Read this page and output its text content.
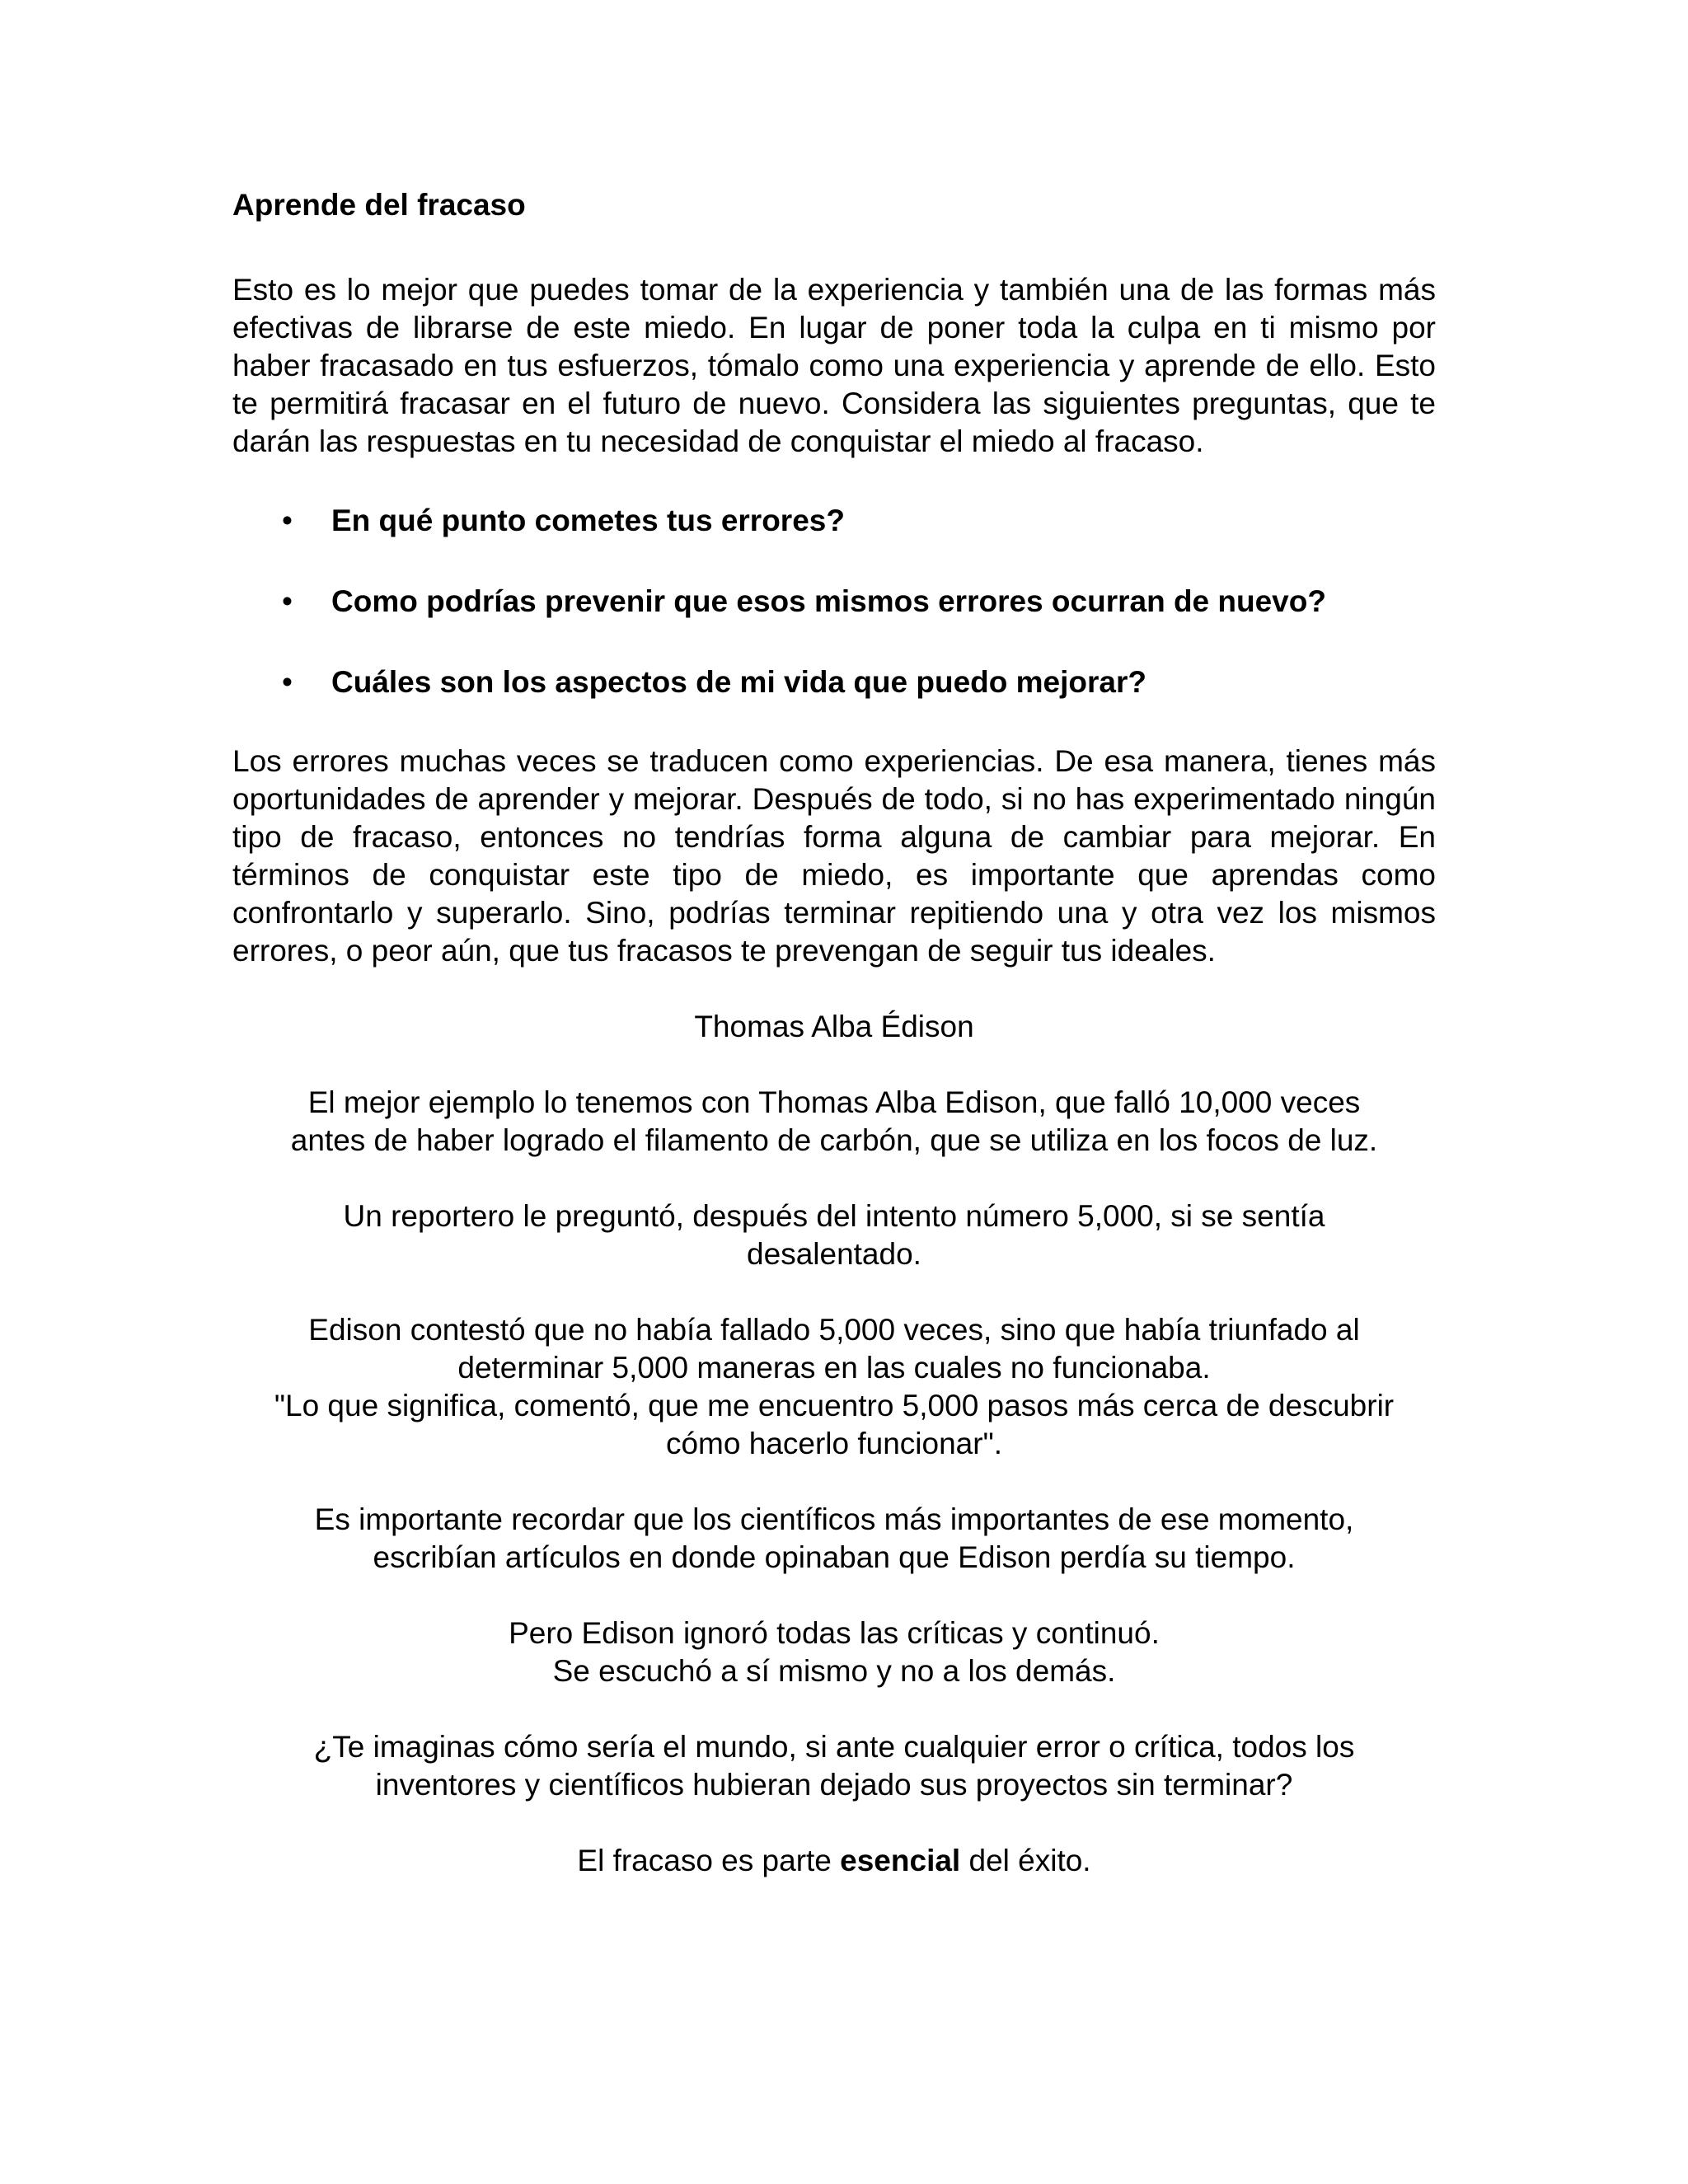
Aprende del fracaso

Esto es lo mejor que puedes tomar de la experiencia y también una de las formas más efectivas de librarse de este miedo. En lugar de poner toda la culpa en ti mismo por haber fracasado en tus esfuerzos, tómalo como una experiencia y aprende de ello. Esto te permitirá fracasar en el futuro de nuevo. Considera las siguientes preguntas, que te darán las respuestas en tu necesidad de conquistar el miedo al fracaso.

• En qué punto cometes tus errores?
• Como podrías prevenir que esos mismos errores ocurran de nuevo?
• Cuáles son los aspectos de mi vida que puedo mejorar?

Los errores muchas veces se traducen como experiencias. De esa manera, tienes más oportunidades de aprender y mejorar. Después de todo, si no has experimentado ningún tipo de fracaso, entonces no tendrías forma alguna de cambiar para mejorar. En términos de conquistar este tipo de miedo, es importante que aprendas como confrontarlo y superarlo. Sino, podrías terminar repitiendo una y otra vez los mismos errores, o peor aún, que tus fracasos te prevengan de seguir tus ideales.

Thomas Alba Édison

El mejor ejemplo lo tenemos con Thomas Alba Edison, que falló 10,000 veces

antes de haber logrado el filamento de carbón, que se utiliza en los focos de luz.

Un reportero le preguntó, después del intento número 5,000, si se sentía

desalentado.

Edison contestó que no había fallado 5,000 veces, sino que había triunfado al

determinar 5,000 maneras en las cuales no funcionaba.

"Lo que significa, comentó, que me encuentro 5,000 pasos más cerca de descubrir

cómo hacerlo funcionar".

Es importante recordar que los científicos más importantes de ese momento,

escribían artículos en donde opinaban que Edison perdía su tiempo.

Pero Edison ignoró todas las críticas y continuó.

Se escuchó a sí mismo y no a los demás.

¿Te imaginas cómo sería el mundo, si ante cualquier error o crítica, todos los

inventores y científicos hubieran dejado sus proyectos sin terminar?

El fracaso es parte esencial del éxito.
